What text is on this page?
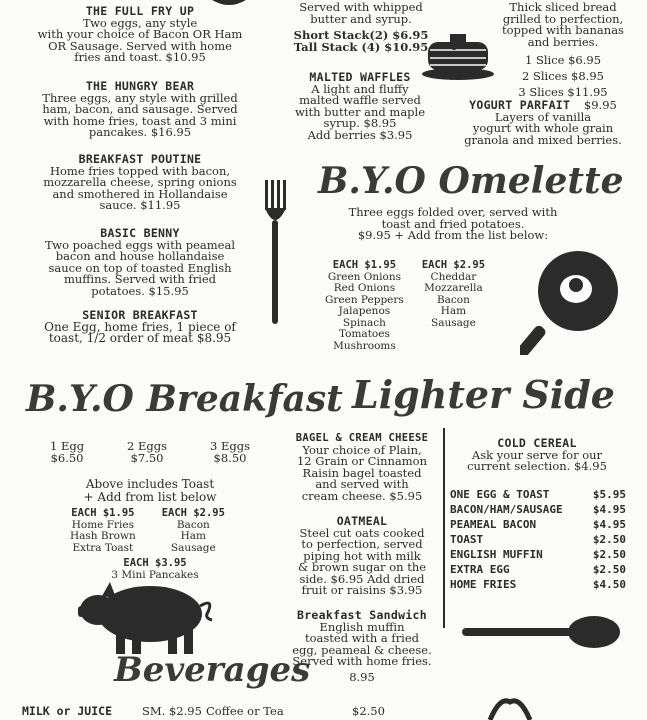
THE FULL FRY UP
Two eggs, any style
with your choice of Bacon OR Ham
OR Sausage. Served with home
fries and toast. $10.95
Served with whipped
butter and syrup.
Short Stack(2) $6.95
Tall Stack (4) $10.95
Thick sliced bread
grilled to perfection,
topped with bananas
and berries.
1 Slice $6.95
2 Slices $8.95
3 Slices $11.95
THE HUNGRY BEAR
Three eggs, any style with grilled
ham, bacon, and sausage. Served
with home fries, toast and 3 mini
pancakes. $16.95
MALTED WAFFLES
A light and fluffy
malted waffle served
with butter and maple
syrup. $8.95
Add berries $3.95
YOGURT PARFAIT $9.95
Layers of vanilla
yogurt with whole grain
granola and mixed berries.
BREAKFAST POUTINE
Home fries topped with bacon,
mozzarella cheese, spring onions
and smothered in Hollandaise
sauce. $11.95
B.Y.O Omelette
Three eggs folded over, served with
toast and fried potatoes.
$9.95 + Add from the list below:
EACH $1.95
Green Onions
Red Onions
Green Peppers
Jalapenos
Spinach
Tomatoes
Mushrooms
EACH $2.95
Cheddar
Mozzarella
Bacon
Ham
Sausage
BASIC BENNY
Two poached eggs with peameal
bacon and house hollandaise
sauce on top of toasted English
muffins. Served with fried
potatoes. $15.95
SENIOR BREAKFAST
One Egg, home fries, 1 piece of
toast, 1/2 order of meat $8.95
B.Y.O Breakfast
1 Egg
$6.50
2 Eggs
$7.50
3 Eggs
$8.50
Above includes Toast
+ Add from list below
EACH $1.95
Home Fries
Hash Brown
Extra Toast
EACH $2.95
Bacon
Ham
Sausage
EACH $3.95
3 Mini Pancakes
Beverages
MILK or JUICE	SM. $2.95 Coffee or Tea	$2.50
Lighter Side
BAGEL & CREAM CHEESE
Your choice of Plain,
12 Grain or Cinnamon
Raisin bagel toasted
and served with
cream cheese. $5.95
OATMEAL
Steel cut oats cooked
to perfection, served
piping hot with milk
& brown sugar on the
side. $6.95 Add dried
fruit or raisins $3.95
Breakfast Sandwich
English muffin
toasted with a fried
egg, peameal & cheese.
Served with home fries.
8.95
COLD CEREAL
Ask your serve for our
current selection. $4.95
ONE EGG & TOAST	$5.95
BACON/HAM/SAUSAGE	$4.95
PEAMEAL BACON	$4.95
TOAST	$2.50
ENGLISH MUFFIN	$2.50
EXTRA EGG	$2.50
HOME FRIES	$4.50
